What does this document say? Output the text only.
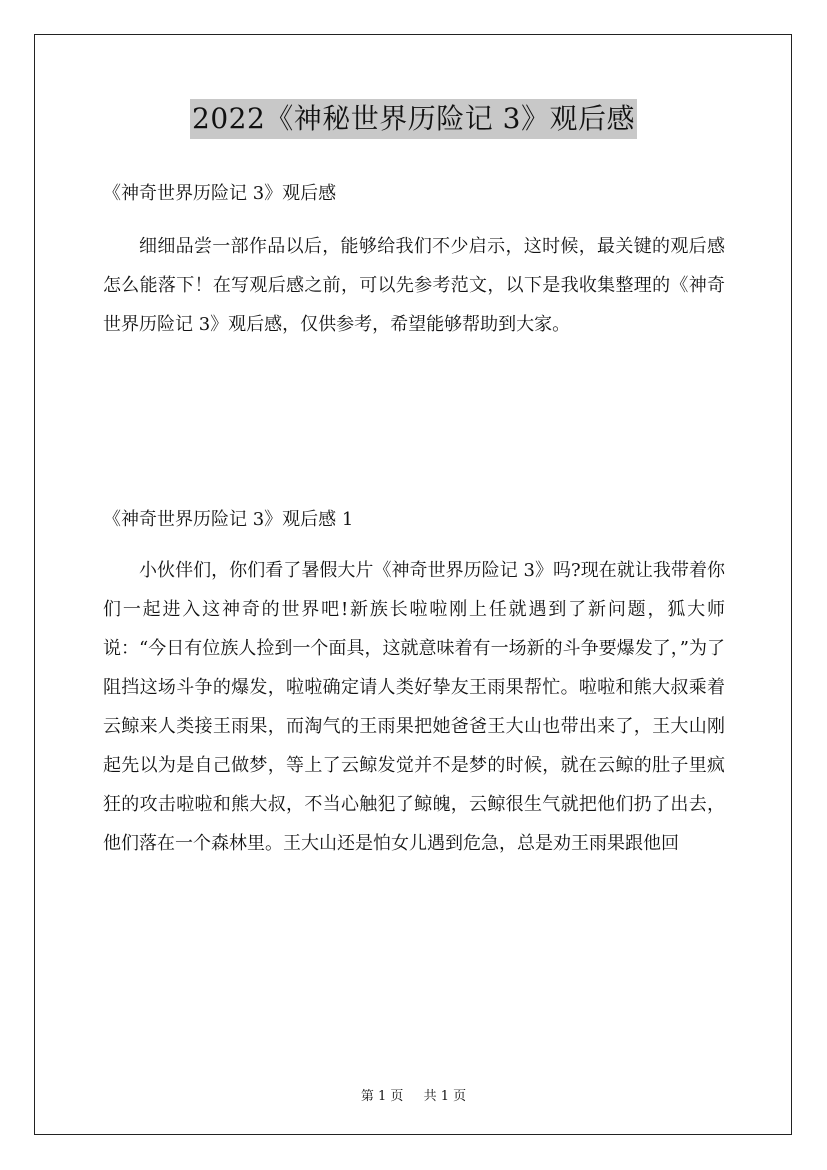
2022《神秘世界历险记 3》观后感
《神奇世界历险记 3》观后感

细细品尝一部作品以后，能够给我们不少启示，这时候，最关键的观后感怎么能落下！在写观后感之前，可以先参考范文，以下是我收集整理的《神奇世界历险记 3》观后感，仅供参考，希望能够帮助到大家。

《神奇世界历险记 3》观后感 1

小伙伴们，你们看了暑假大片《神奇世界历险记 3》吗?现在就让我带着你们一起进入这神奇的世界吧!新族长啦啦刚上任就遇到了新问题，狐大师说：“今日有位族人捡到一个面具，这就意味着有一场新的斗争要爆发了，”为了阻挡这场斗争的爆发，啦啦确定请人类好挚友王雨果帮忙。啦啦和熊大叔乘着云鲸来人类接王雨果，而淘气的王雨果把她爸爸王大山也带出来了，王大山刚起先以为是自己做梦，等上了云鲸发觉并不是梦的时候，就在云鲸的肚子里疯狂的攻击啦啦和熊大叔，不当心触犯了鲸魄，云鲸很生气就把他们扔了出去，他们落在一个森林里。王大山还是怕女儿遇到危急，总是劝王雨果跟他回

第 1 页 共 1 页
